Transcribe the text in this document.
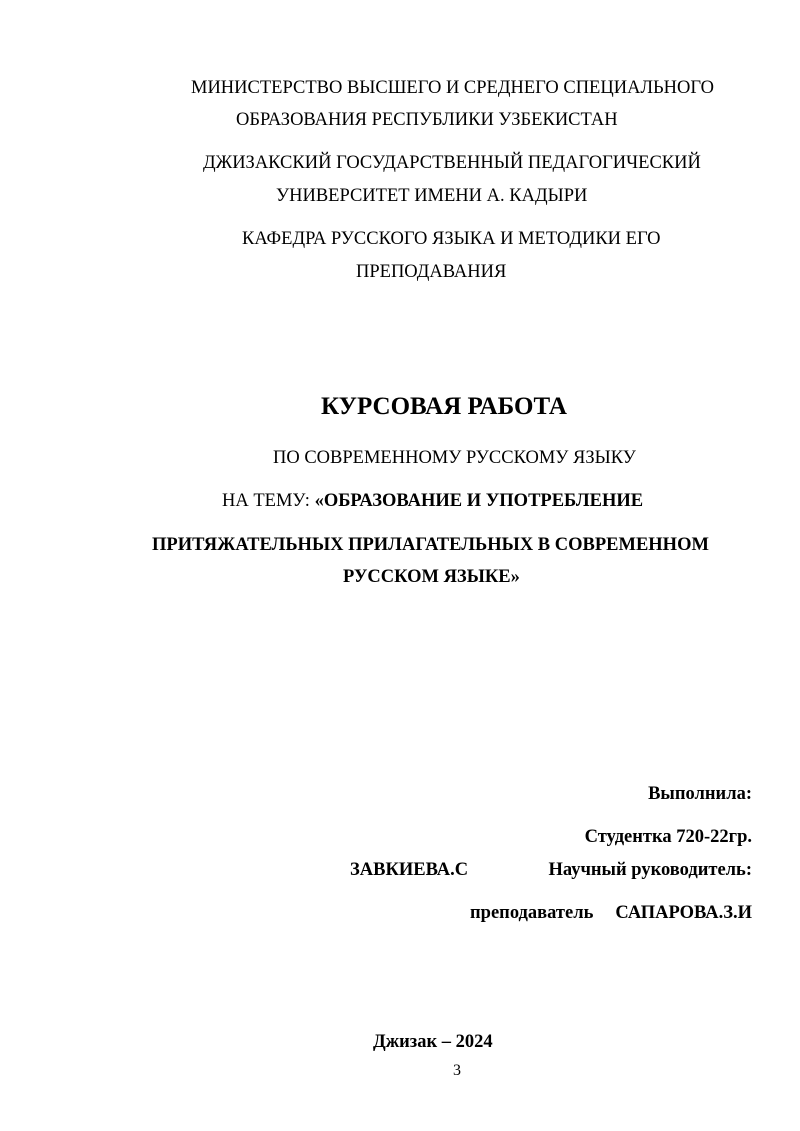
МИНИСТЕРСТВО ВЫСШЕГО И СРЕДНЕГО СПЕЦИАЛЬНОГО
ОБРАЗОВАНИЯ РЕСПУБЛИКИ УЗБЕКИСТАН
ДЖИЗАКСКИЙ ГОСУДАРСТВЕННЫЙ ПЕДАГОГИЧЕСКИЙ
УНИВЕРСИТЕТ ИМЕНИ А. КАДЫРИ
КАФЕДРА РУССКОГО ЯЗЫКА И МЕТОДИКИ ЕГО
ПРЕПОДАВАНИЯ
КУРСОВАЯ РАБОТА
ПО СОВРЕМЕННОМУ РУССКОМУ ЯЗЫКУ
НА ТЕМУ: «ОБРАЗОВАНИЕ И УПОТРЕБЛЕНИЕ
ПРИТЯЖАТЕЛЬНЫХ ПРИЛАГАТЕЛЬНЫХ В СОВРЕМЕННОМ
РУССКОМ ЯЗЫКЕ»
Выполнила:
Студентка 720-22гр.
ЗАВКИЕВА.С	Научный руководитель:
преподаватель САПАРОВА.З.И
Джизак – 2024
3
